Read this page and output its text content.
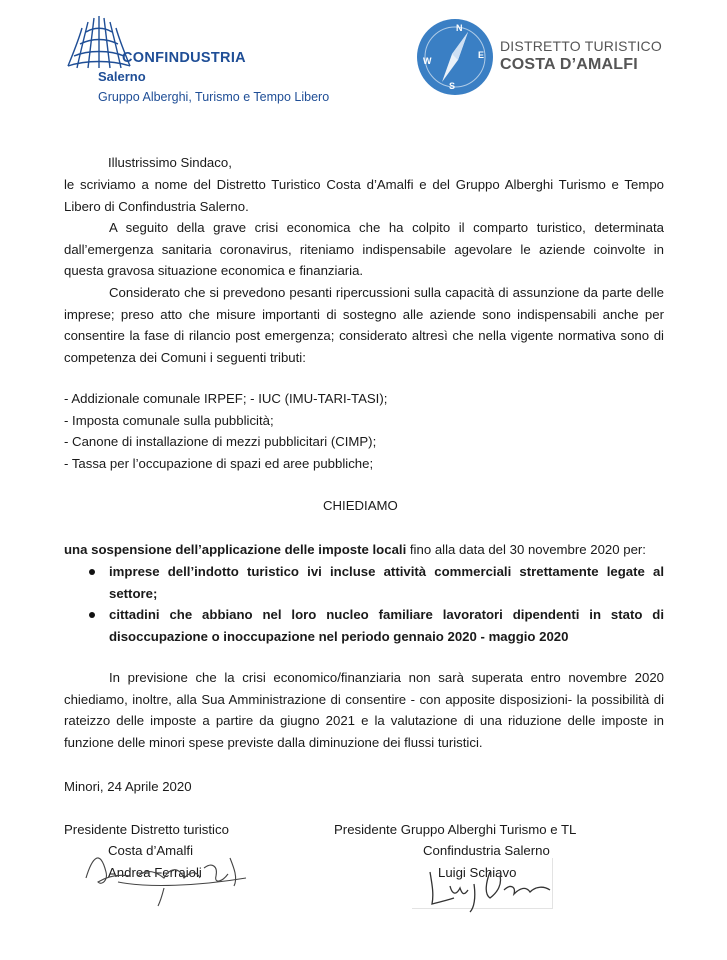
CONFINDUSTRIA
Salerno
Gruppo Alberghi, Turismo e Tempo Libero
N
E
S
W
DISTRETTO TURISTICO
COSTA D’AMALFI
Illustrissimo Sindaco,
le scriviamo a nome del Distretto Turistico Costa d’Amalfi e del Gruppo Alberghi Turismo e Tempo Libero di Confindustria Salerno.
A seguito della grave crisi economica che ha colpito il comparto turistico, determinata dall’emergenza sanitaria coronavirus, riteniamo indispensabile agevolare le aziende coinvolte in questa gravosa situazione economica e finanziaria.
Considerato che si prevedono pesanti ripercussioni sulla capacità di assunzione da parte delle imprese; preso atto che misure importanti di sostegno alle aziende sono indispensabili anche per consentire la fase di rilancio post emergenza; considerato altresì che nella vigente normativa sono di competenza dei Comuni i seguenti tributi:
- Addizionale comunale IRPEF; - IUC (IMU-TARI-TASI);
- Imposta comunale sulla pubblicità;
- Canone di installazione di mezzi pubblicitari (CIMP);
- Tassa per l’occupazione di spazi ed aree pubbliche;
CHIEDIAMO
una sospensione dell’applicazione delle imposte locali fino alla data del 30 novembre 2020 per:
imprese dell’indotto turistico ivi incluse attività commerciali strettamente legate al settore;
cittadini che abbiano nel loro nucleo familiare lavoratori dipendenti in stato di disoccupazione o inoccupazione nel periodo gennaio 2020 - maggio 2020
In previsione che la crisi economico/finanziaria non sarà superata entro novembre 2020 chiediamo, inoltre, alla Sua Amministrazione di consentire - con apposite disposizioni- la possibilità di rateizzo delle imposte a partire da giugno 2021 e la valutazione di una riduzione delle imposte in funzione delle minori spese previste dalla diminuzione dei flussi turistici.
Minori, 24 Aprile 2020
Presidente Distretto turistico
Costa d’Amalfi
Andrea Ferraioli
Presidente Gruppo Alberghi Turismo e TL
Confindustria Salerno
Luigi Schiavo
